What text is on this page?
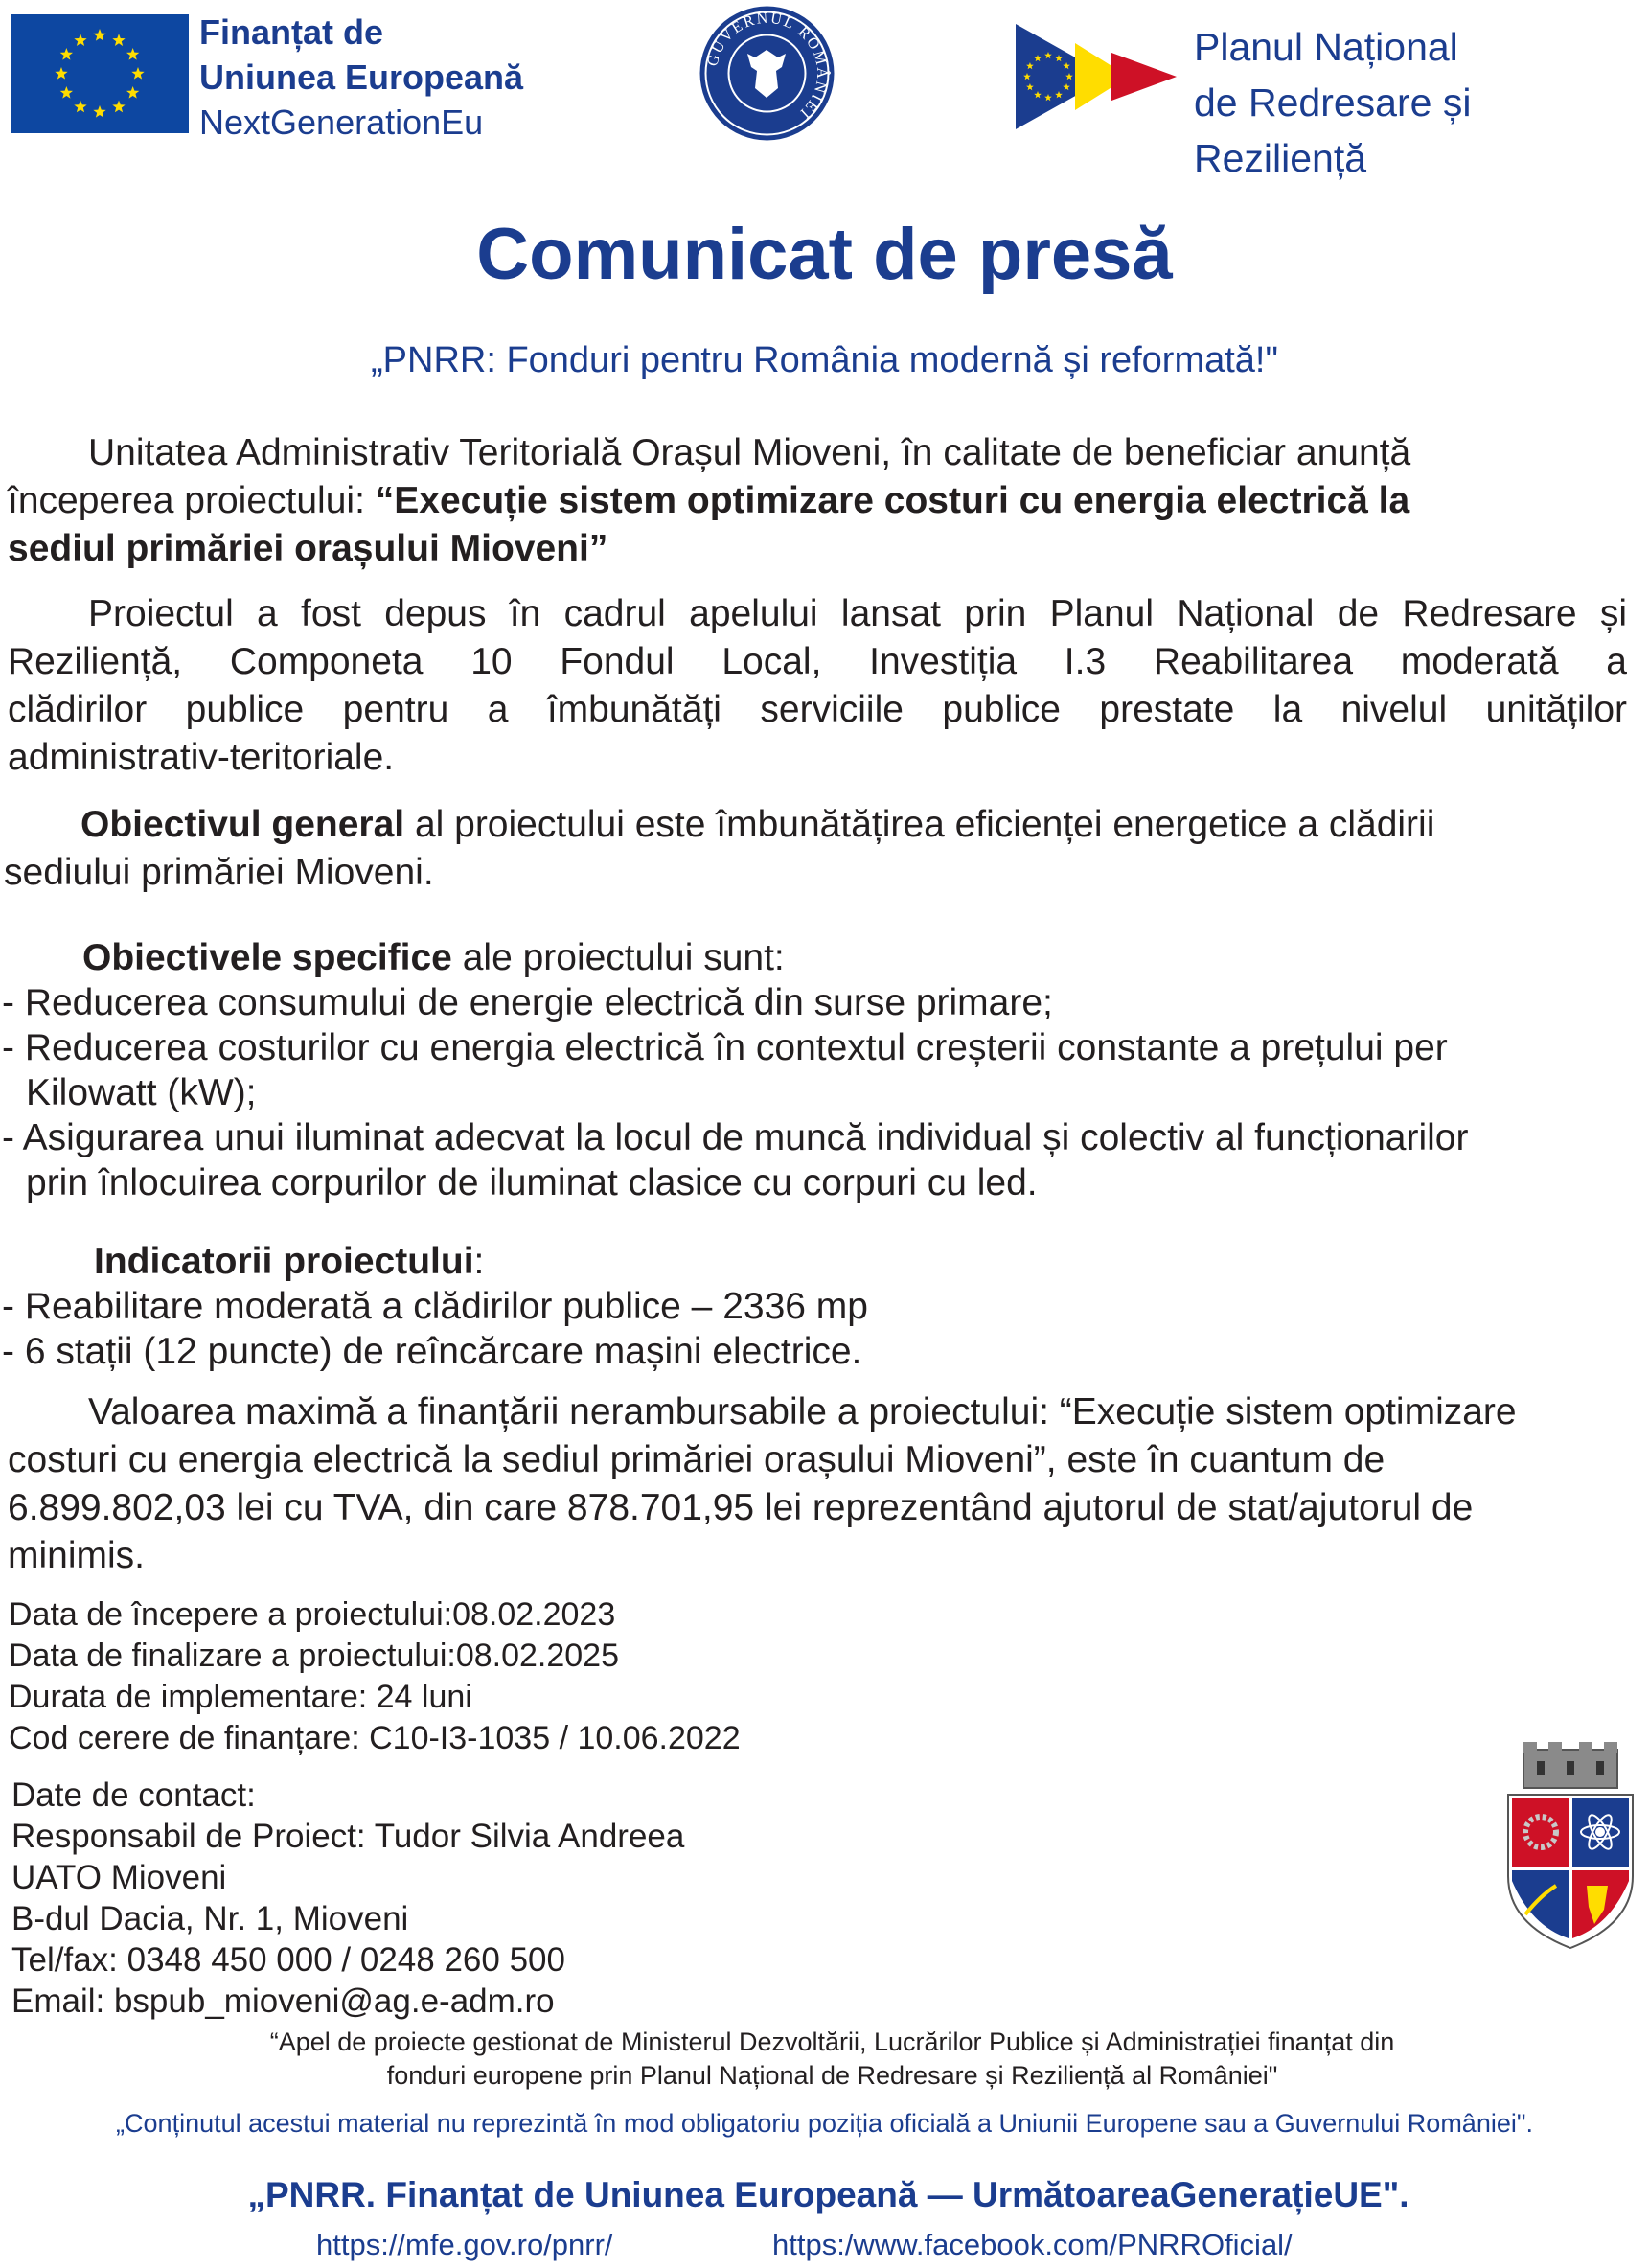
Finanțat de
Uniunea Europeană
NextGenerationEu
GUVERNUL ROMÂNIEI
Planul Național
de Redresare și Reziliență
Comunicat de presă
„PNRR: Fonduri pentru România modernă și reformată!"
Unitatea Administrativ Teritorială Orașul Mioveni, în calitate de beneficiar anunță
începerea proiectului: “Execuție sistem optimizare costuri cu energia electrică la
sediul primăriei orașului Mioveni”
Proiectul a fost depus în cadrul apelului lansat prin Planul Național de Redresare și
Reziliență, Componeta 10 Fondul Local, Investiția I.3 Reabilitarea moderată a
clădirilor publice pentru a îmbunătăți serviciile publice prestate la nivelul unităților
administrativ-teritoriale.
Obiectivul general al proiectului este îmbunătățirea eficienței energetice a clădirii
sediului primăriei Mioveni.
Obiectivele specifice ale proiectului sunt:
- Reducerea consumului de energie electrică din surse primare;
- Reducerea costurilor cu energia electrică în contextul creșterii constante a prețului per
Kilowatt (kW);
- Asigurarea unui iluminat adecvat la locul de muncă individual și colectiv al funcționarilor
prin înlocuirea corpurilor de iluminat clasice cu corpuri cu led.
Indicatorii proiectului:
- Reabilitare moderată a clădirilor publice – 2336 mp
- 6 stații (12 puncte) de reîncărcare mașini electrice.
Valoarea maximă a finanțării nerambursabile a proiectului: “Execuție sistem optimizare
costuri cu energia electrică la sediul primăriei orașului Mioveni”, este în cuantum de
6.899.802,03 lei cu TVA, din care 878.701,95 lei reprezentând ajutorul de stat/ajutorul de
minimis.
Data de începere a proiectului:08.02.2023
Data de finalizare a proiectului:08.02.2025
Durata de implementare: 24 luni
Cod cerere de finanțare: C10-I3-1035 / 10.06.2022
Date de contact:
Responsabil de Proiect: Tudor Silvia Andreea
UATO Mioveni
B-dul Dacia, Nr. 1, Mioveni
Tel/fax: 0348 450 000 / 0248 260 500
Email: bspub_mioveni@ag.e-adm.ro
“Apel de proiecte gestionat de Ministerul Dezvoltării, Lucrărilor Publice și Administrației finanțat din
fonduri europene prin Planul Național de Redresare și Reziliență al României"
„Conținutul acestui material nu reprezintă în mod obligatoriu poziția oficială a Uniunii Europene sau a Guvernului României".
„PNRR. Finanțat de Uniunea Europeană — UrmătoareaGenerațieUE".
https://mfe.gov.ro/pnrr/	https:/www.facebook.com/PNRROficial/
